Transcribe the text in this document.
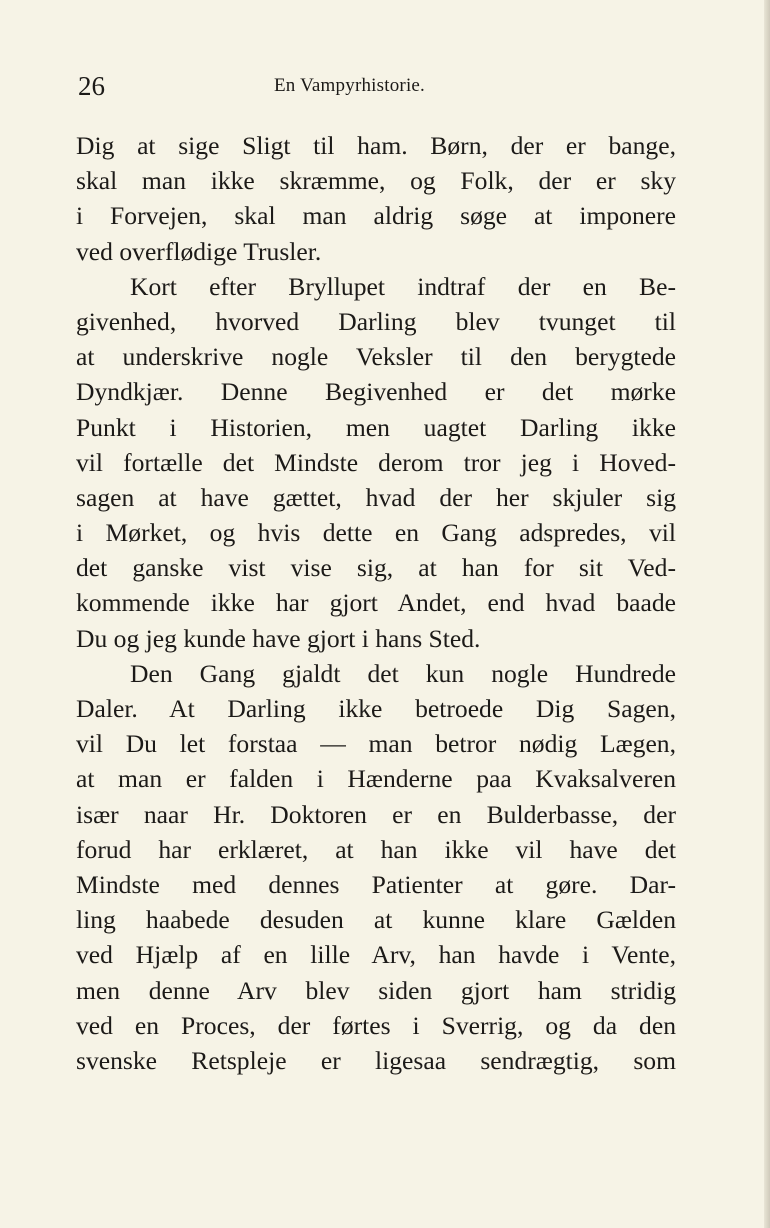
26	En Vampyrhistorie.
Dig at sige Sligt til ham. Børn, der er bange,
skal man ikke skræmme, og Folk, der er sky
i Forvejen, skal man aldrig søge at imponere
ved overflødige Trusler.
Kort efter Bryllupet indtraf der en Be-
givenhed, hvorved Darling blev tvunget til
at underskrive nogle Veksler til den berygtede
Dyndkjær. Denne Begivenhed er det mørke
Punkt i Historien, men uagtet Darling ikke
vil fortælle det Mindste derom tror jeg i Hoved-
sagen at have gættet, hvad der her skjuler sig
i Mørket, og hvis dette en Gang adspredes, vil
det ganske vist vise sig, at han for sit Ved-
kommende ikke har gjort Andet, end hvad baade
Du og jeg kunde have gjort i hans Sted.
Den Gang gjaldt det kun nogle Hundrede
Daler. At Darling ikke betroede Dig Sagen,
vil Du let forstaa — man betror nødig Lægen,
at man er falden i Hænderne paa Kvaksalveren
især naar Hr. Doktoren er en Bulderbasse, der
forud har erklæret, at han ikke vil have det
Mindste med dennes Patienter at gøre. Dar-
ling haabede desuden at kunne klare Gælden
ved Hjælp af en lille Arv, han havde i Vente,
men denne Arv blev siden gjort ham stridig
ved en Proces, der førtes i Sverrig, og da den
svenske Retspleje er ligesaa sendrægtig, som
